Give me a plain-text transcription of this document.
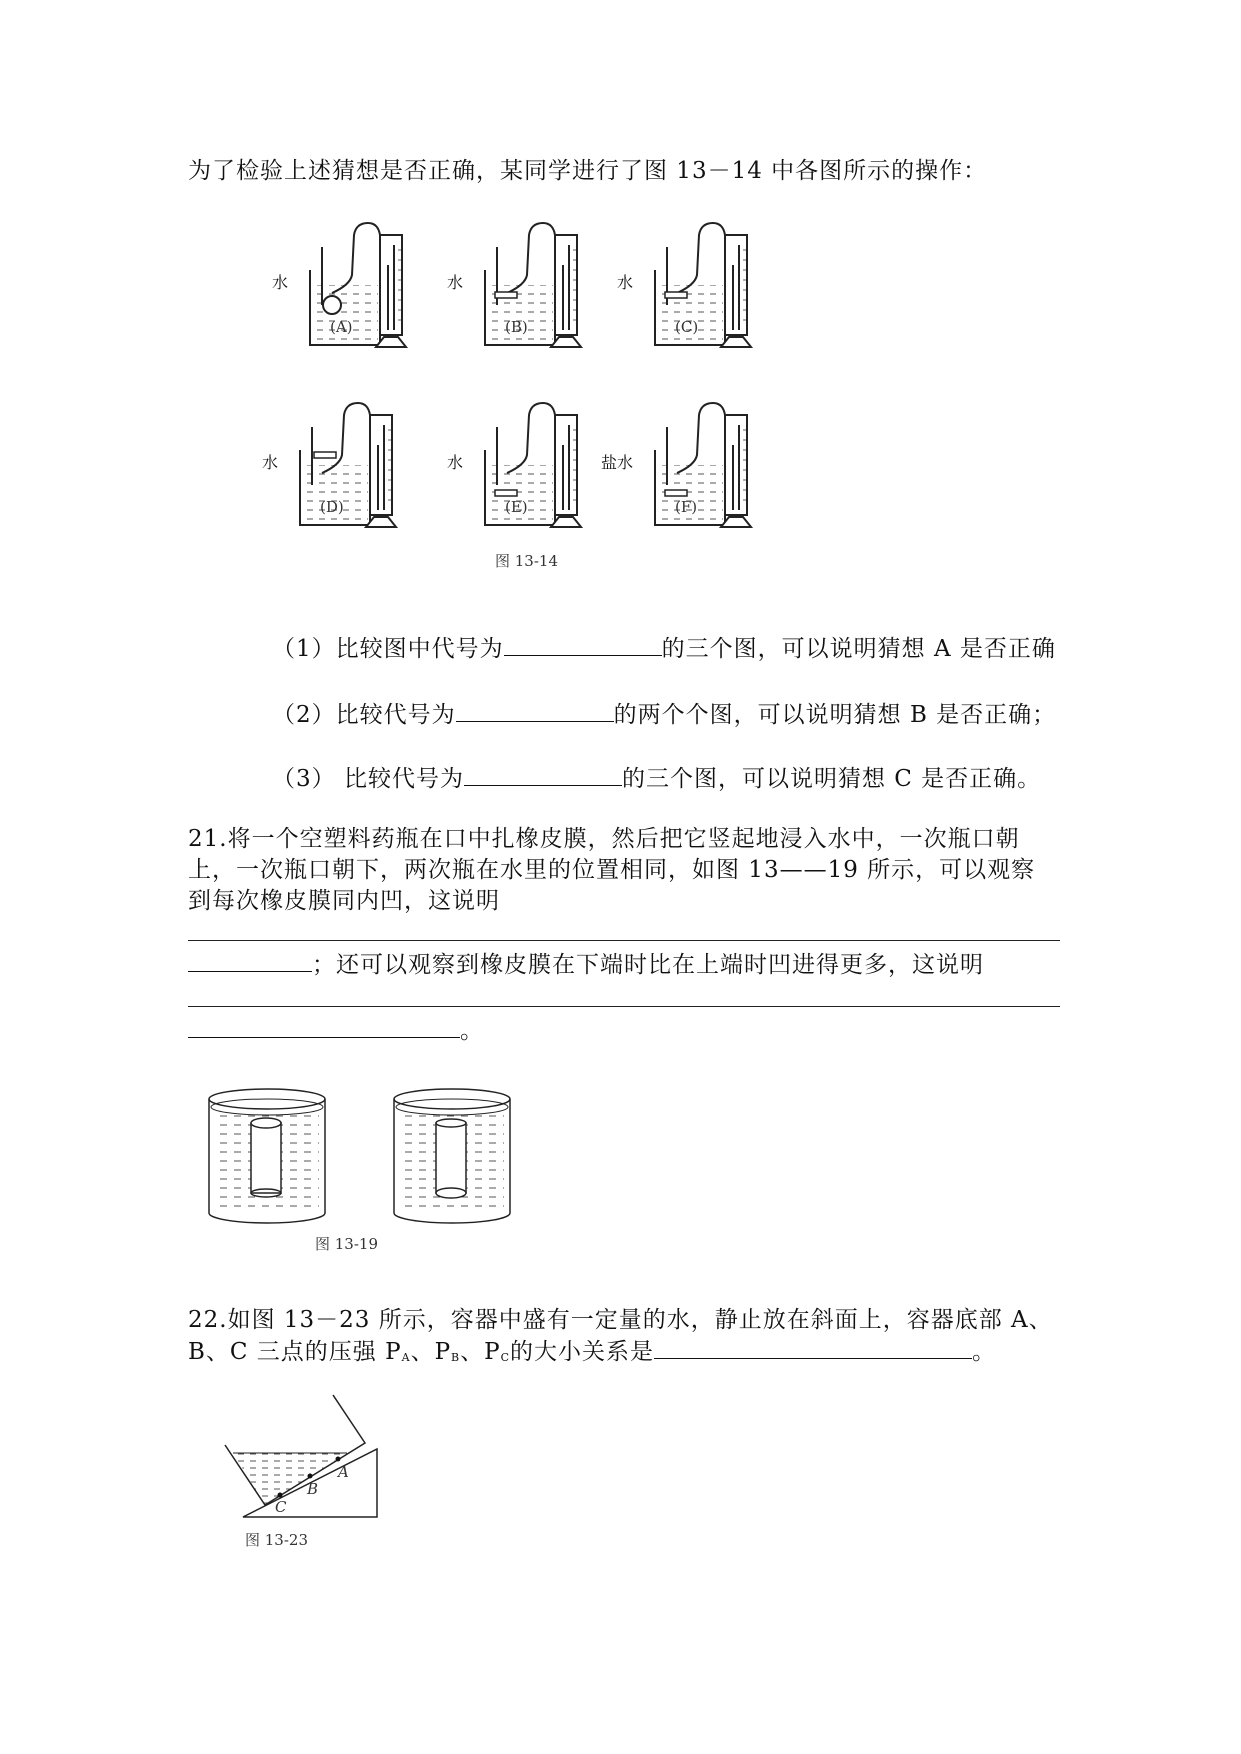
为了检验上述猜想是否正确，某同学进行了图 13－14 中各图所示的操作：
水
(A)
水
(B)
水
(C)
水
(D)
水
(E)
盐水
(F)
图 13-14
（1）比较图中代号为	的三个图，可以说明猜想 A 是否正确
（2）比较代号为	的两个个图，可以说明猜想 B 是否正确；
（3） 比较代号为	的三个图，可以说明猜想 C 是否正确。
21.将一个空塑料药瓶在口中扎橡皮膜，然后把它竖起地浸入水中，一次瓶口朝
上，一次瓶口朝下，两次瓶在水里的位置相同，如图 13——19 所示，可以观察
到每次橡皮膜同内凹，这说明
；还可以观察到橡皮膜在下端时比在上端时凹进得更多，这说明
。
图 13-19
22.如图 13－23 所示，容器中盛有一定量的水，静止放在斜面上，容器底部 A、
B、C 三点的压强 $P_A$、$P_B$、$P_C$的大小关系是	。
A
B
C
图 13-23
